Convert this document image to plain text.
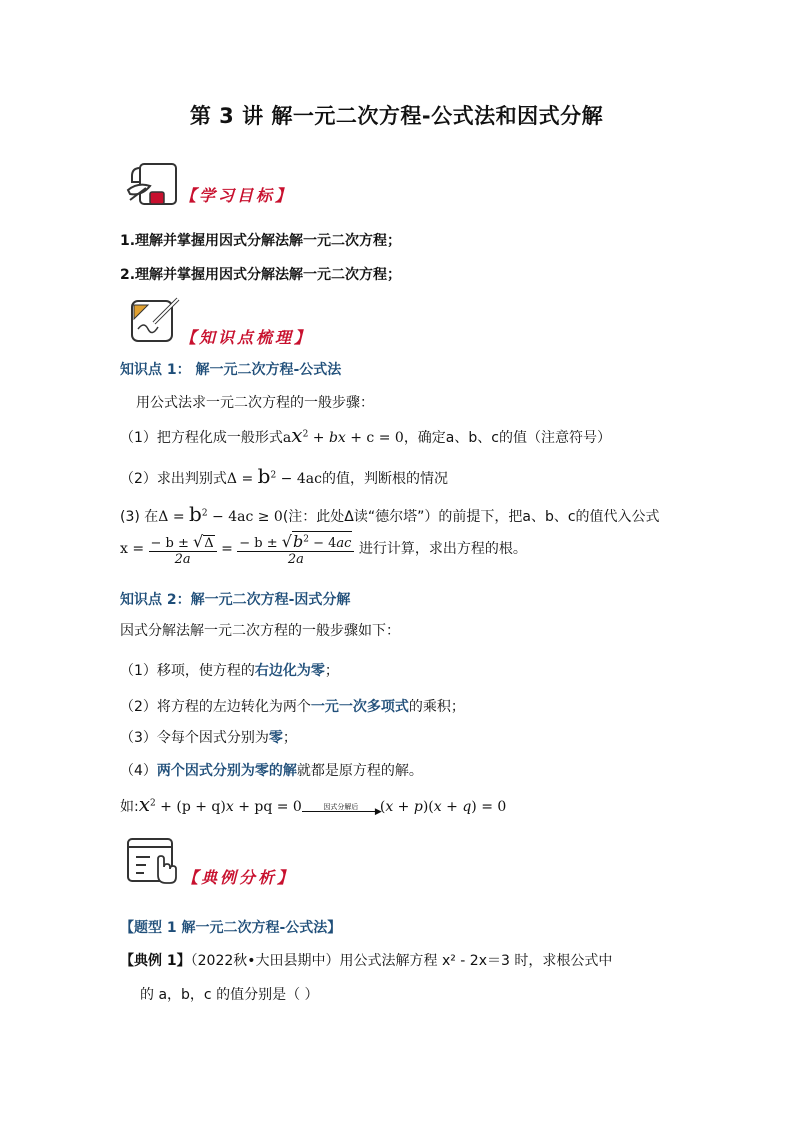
第 3 讲 解一元二次方程-公式法和因式分解
【学习目标】
1.理解并掌握用因式分解法解一元二次方程；
2.理解并掌握用因式分解法解一元二次方程；
【知识点梳理】
知识点 1： 解一元二次方程-公式法
用公式法求一元二次方程的一般步骤：
（1）把方程化成一般形式$ax^2$ + bx + c = 0，确定a、b、c的值（注意符号）
（2）求出判别式$\Delta = b^2 - 4ac$的值，判断根的情况
(3) 在$\Delta = b^2 - 4ac \ge 0$(注：此处Δ读“德尔塔”）的前提下，把a、b、c的值代入公式
$x = \frac{- b \pm √\Delta}{2a} = \frac{- b \pm √b^2 - 4ac}{2a}$ 进行计算，求出方程的根。
知识点 2：解一元二次方程-因式分解
因式分解法解一元二次方程的一般步骤如下：
（1）移项，使方程的右边化为零；
（2）将方程的左边转化为两个一元一次多项式的乘积；
（3）令每个因式分别为零；
（4）两个因式分别为零的解就都是原方程的解。
如$:x^2 + (p + q)x$ + pq = 0	因式分解后	▶
(x + p)(x + q) = 0
【典例分析】
【题型 1 解一元二次方程-公式法】
【典例 1】（2022秋•大田县期中）用公式法解方程 x² - 2x＝3 时，求根公式中
的 a，b，c 的值分别是（ ）
